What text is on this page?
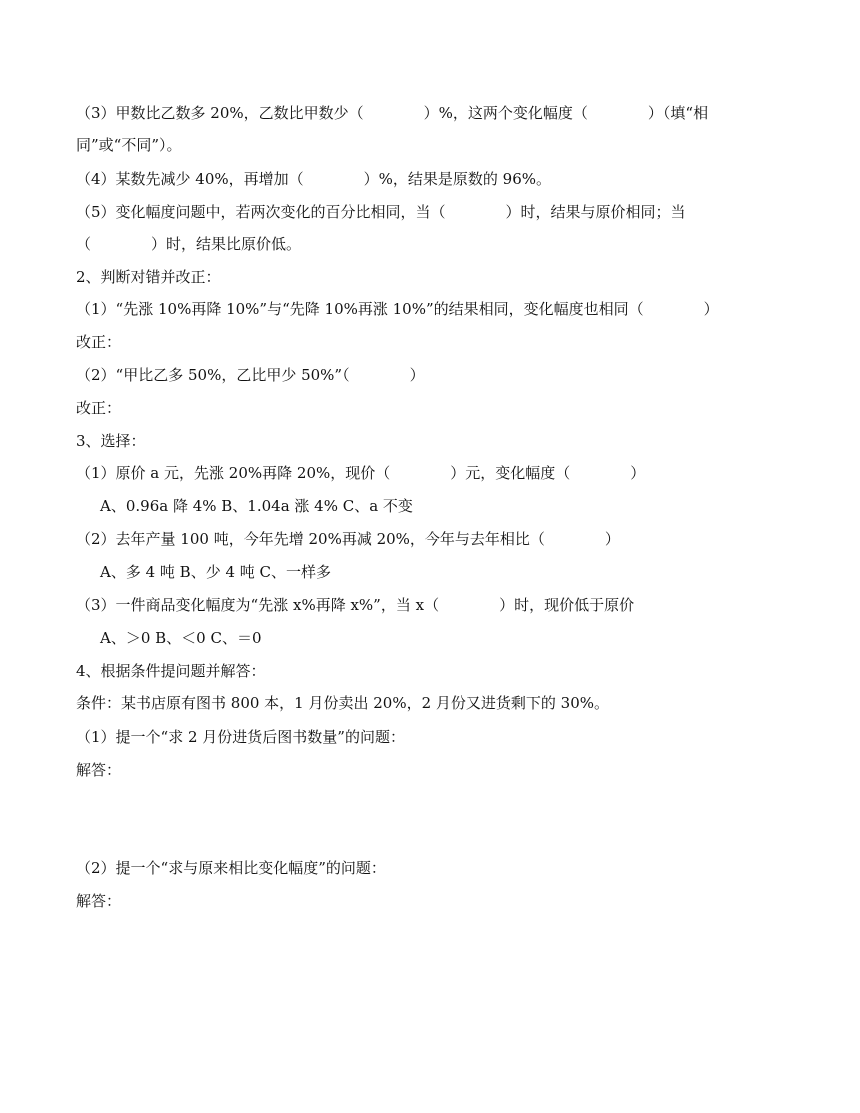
（3）甲数比乙数多 20%，乙数比甲数少（　　　　）%，这两个变化幅度（　　　　）（填“相
同”或“不同”）。
（4）某数先减少 40%，再增加（　　　　）%，结果是原数的 96%。
（5）变化幅度问题中，若两次变化的百分比相同，当（　　　　）时，结果与原价相同；当
（　　　　）时，结果比原价低。
2、判断对错并改正：
（1）“先涨 10%再降 10%”与“先降 10%再涨 10%”的结果相同，变化幅度也相同（　　　　）
改正：
（2）“甲比乙多 50%，乙比甲少 50%”（　　　　）
改正：
3、选择：
（1）原价 a 元，先涨 20%再降 20%，现价（　　　　）元，变化幅度（　　　　）
A、0.96a 降 4% B、1.04a 涨 4% C、a 不变
（2）去年产量 100 吨，今年先增 20%再减 20%，今年与去年相比（　　　　）
A、多 4 吨 B、少 4 吨 C、一样多
（3）一件商品变化幅度为“先涨 x%再降 x%”，当 x（　　　　）时，现价低于原价
A、＞0 B、＜0 C、＝0
4、根据条件提问题并解答：
条件：某书店原有图书 800 本，1 月份卖出 20%，2 月份又进货剩下的 30%。
（1）提一个“求 2 月份进货后图书数量”的问题：
解答：
（2）提一个“求与原来相比变化幅度”的问题：
解答：
